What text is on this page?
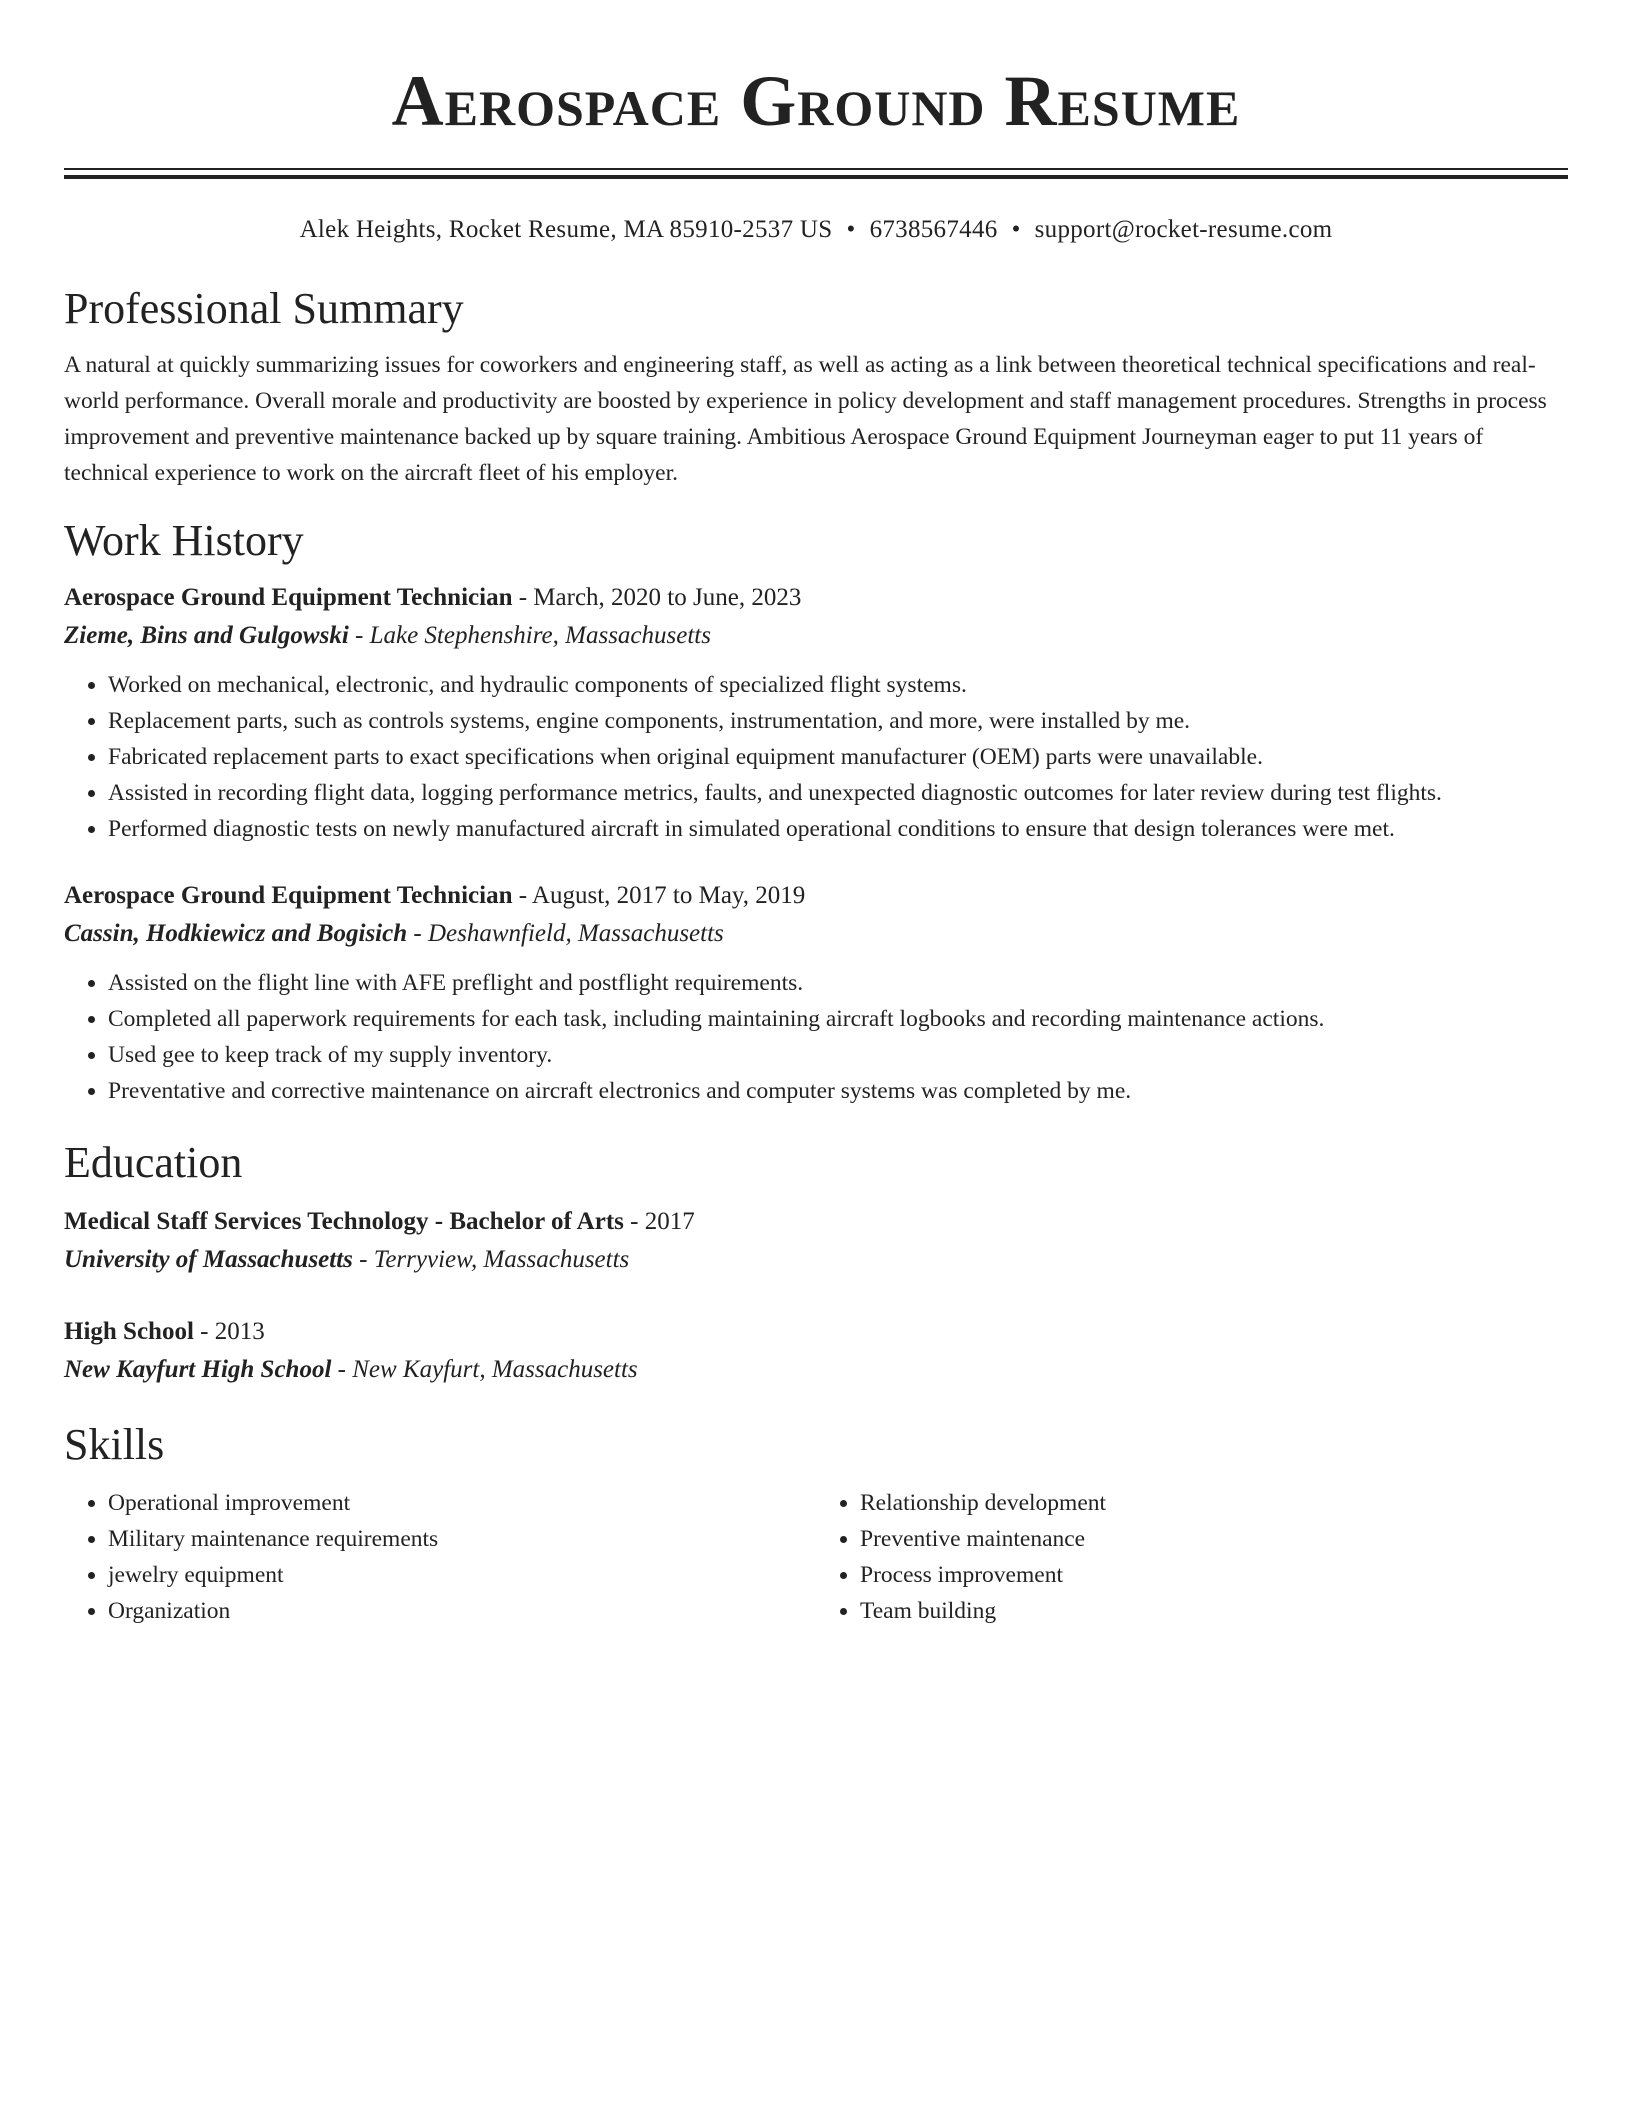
Aerospace Ground Resume
Alek Heights, Rocket Resume, MA 85910-2537 US • 6738567446 • support@rocket-resume.com
Professional Summary
A natural at quickly summarizing issues for coworkers and engineering staff, as well as acting as a link between theoretical technical specifications and real-world performance. Overall morale and productivity are boosted by experience in policy development and staff management procedures. Strengths in process improvement and preventive maintenance backed up by square training. Ambitious Aerospace Ground Equipment Journeyman eager to put 11 years of technical experience to work on the aircraft fleet of his employer.
Work History
Aerospace Ground Equipment Technician - March, 2020 to June, 2023
Zieme, Bins and Gulgowski - Lake Stephenshire, Massachusetts
• Worked on mechanical, electronic, and hydraulic components of specialized flight systems.
• Replacement parts, such as controls systems, engine components, instrumentation, and more, were installed by me.
• Fabricated replacement parts to exact specifications when original equipment manufacturer (OEM) parts were unavailable.
• Assisted in recording flight data, logging performance metrics, faults, and unexpected diagnostic outcomes for later review during test flights.
• Performed diagnostic tests on newly manufactured aircraft in simulated operational conditions to ensure that design tolerances were met.
Aerospace Ground Equipment Technician - August, 2017 to May, 2019
Cassin, Hodkiewicz and Bogisich - Deshawnfield, Massachusetts
• Assisted on the flight line with AFE preflight and postflight requirements.
• Completed all paperwork requirements for each task, including maintaining aircraft logbooks and recording maintenance actions.
• Used gee to keep track of my supply inventory.
• Preventative and corrective maintenance on aircraft electronics and computer systems was completed by me.
Education
Medical Staff Services Technology - Bachelor of Arts - 2017
University of Massachusetts - Terryview, Massachusetts
High School - 2013
New Kayfurt High School - New Kayfurt, Massachusetts
Skills
• Operational improvement
• Military maintenance requirements
• jewelry equipment
• Organization
• Relationship development
• Preventive maintenance
• Process improvement
• Team building
